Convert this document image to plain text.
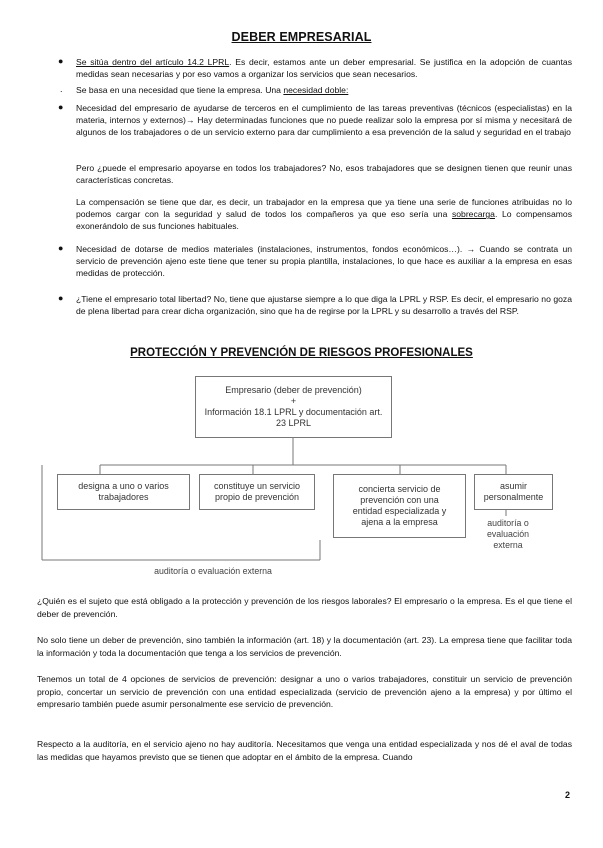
DEBER EMPRESARIAL
● Se sitúa dentro del artículo 14.2 LPRL. Es decir, estamos ante un deber empresarial. Se justifica en la adopción de cuantas medidas sean necesarias y por eso vamos a organizar los servicios que sean necesarios.
. Se basa en una necesidad que tiene la empresa. Una necesidad doble:
● Necesidad del empresario de ayudarse de terceros en el cumplimiento de las tareas preventivas (técnicos (especialistas) en la materia, internos y externos)→ Hay determinadas funciones que no puede realizar solo la empresa por sí misma y necesitará de algunos de los trabajadores o de un servicio externo para dar cumplimiento a esa prevención de la salud y seguridad en el trabajo
Pero ¿puede el empresario apoyarse en todos los trabajadores? No, esos trabajadores que se designen tienen que reunir unas características concretas.
La compensación se tiene que dar, es decir, un trabajador en la empresa que ya tiene una serie de funciones atribuidas no lo podemos cargar con la seguridad y salud de todos los compañeros ya que eso sería una sobrecarga. Lo compensamos exonerándolo de sus funciones habituales.
● Necesidad de dotarse de medios materiales (instalaciones, instrumentos, fondos económicos…). → Cuando se contrata un servicio de prevención ajeno este tiene que tener su propia plantilla, instalaciones, lo que hace es auxiliar a la empresa en esas medidas de protección.
● ¿Tiene el empresario total libertad? No, tiene que ajustarse siempre a lo que diga la LPRL y RSP. Es decir, el empresario no goza de plena libertad para crear dicha organización, sino que ha de regirse por la LPRL y su desarrollo a través del RSP.
PROTECCIÓN Y PREVENCIÓN DE RIESGOS PROFESIONALES
Empresario (deber de prevención)
+
Información 18.1 LPRL y documentación art.
23 LPRL
designa a uno o varios
trabajadores
constituye un servicio
propio de prevención
concierta servicio de
prevención con una
entidad especializada y
ajena a la empresa
asumir
personalmente
auditoría o
evaluación
externa
auditoría o evaluación externa
¿Quién es el sujeto que está obligado a la protección y prevención de los riesgos laborales? El empresario o la empresa. Es el que tiene el deber de prevención.
No solo tiene un deber de prevención, sino también la información (art. 18) y la documentación (art. 23). La empresa tiene que facilitar toda la información y toda la documentación que tenga a los servicios de prevención.
Tenemos un total de 4 opciones de servicios de prevención: designar a uno o varios trabajadores, constituir un servicio de prevención propio, concertar un servicio de prevención con una entidad especializada (servicio de prevención ajeno a la empresa) y por último el empresario también puede asumir personalmente ese servicio de prevención.
Respecto a la auditoría, en el servicio ajeno no hay auditoría. Necesitamos que venga una entidad especializada y nos dé el aval de todas las medidas que hayamos previsto que se tienen que adoptar en el ámbito de la empresa. Cuando
2
